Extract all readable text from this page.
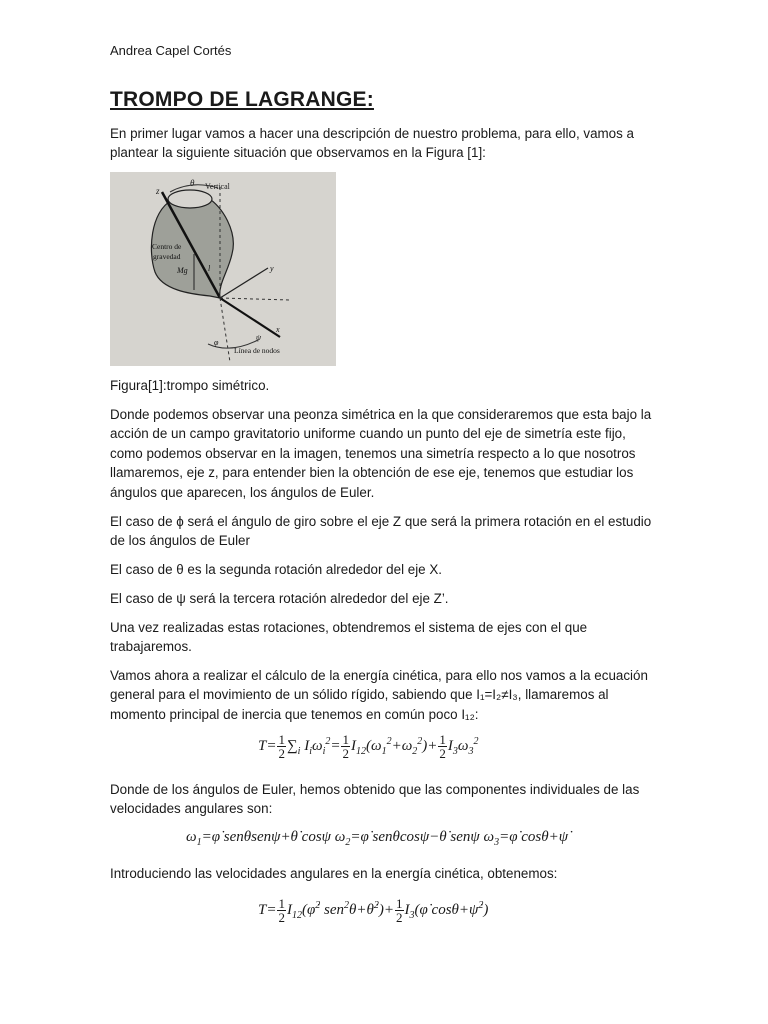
Andrea Capel Cortés
TROMPO DE LAGRANGE:

En primer lugar vamos a hacer una descripción de nuestro problema, para ello, vamos a plantear la siguiente situación que observamos en la Figura [1]:

Vertical
θ
z
Centro de
gravedad
Mg	l	y
x
φ
ψ
Línea de nodos

Figura[1]:trompo simétrico.

Donde podemos observar una peonza simétrica en la que consideraremos que esta bajo la acción de un campo gravitatorio uniforme cuando un punto del eje de simetría este fijo, como podemos observar en la imagen, tenemos una simetría respecto a lo que nosotros llamaremos, eje z, para entender bien la obtención de ese eje, tenemos que estudiar los ángulos que aparecen, los ángulos de Euler.

El caso de ϕ será el ángulo de giro sobre el eje Z que será la primera rotación en el estudio de los ángulos de Euler

El caso de θ es la segunda rotación alrededor del eje X.

El caso de ψ será la tercera rotación alrededor del eje Z’.

Una vez realizadas estas rotaciones, obtendremos el sistema de ejes con el que trabajaremos.

Vamos ahora a realizar el cálculo de la energía cinética, para ello nos vamos a la ecuación general para el movimiento de un sólido rígido, sabiendo que I₁=I₂≠I₃, llamaremos al momento principal de inercia que tenemos en común poco I₁₂:

$T= \frac{1}{2} \sum_i$ $I_i\omega_i^2= \frac{1}{2} I_{12}(\omega_1^2+\omega_2^2)+ \frac{1}{2} I_3\omega_3^2$

Donde de los ángulos de Euler, hemos obtenido que las componentes individuales de las velocidades angulares son:

$\omega_1=\varphi̇$ senθsenψ+θ̇ cosψ $\omega_2=\varphi̇$ senθcosψ−θ̇ senψ $\omega_3=\varphi̇$ cosθ+ψ̇

Introduciendo las velocidades angulares en la energía cinética, obtenemos:

$T= \frac{1}{2}$ $I_{12}(\varphi̇^2$ sen$^2$θ+θ̇$^2$)+ $\frac{1}{2}$ $I_3(\varphi̇$ cosθ+ψ̇$^2$)
